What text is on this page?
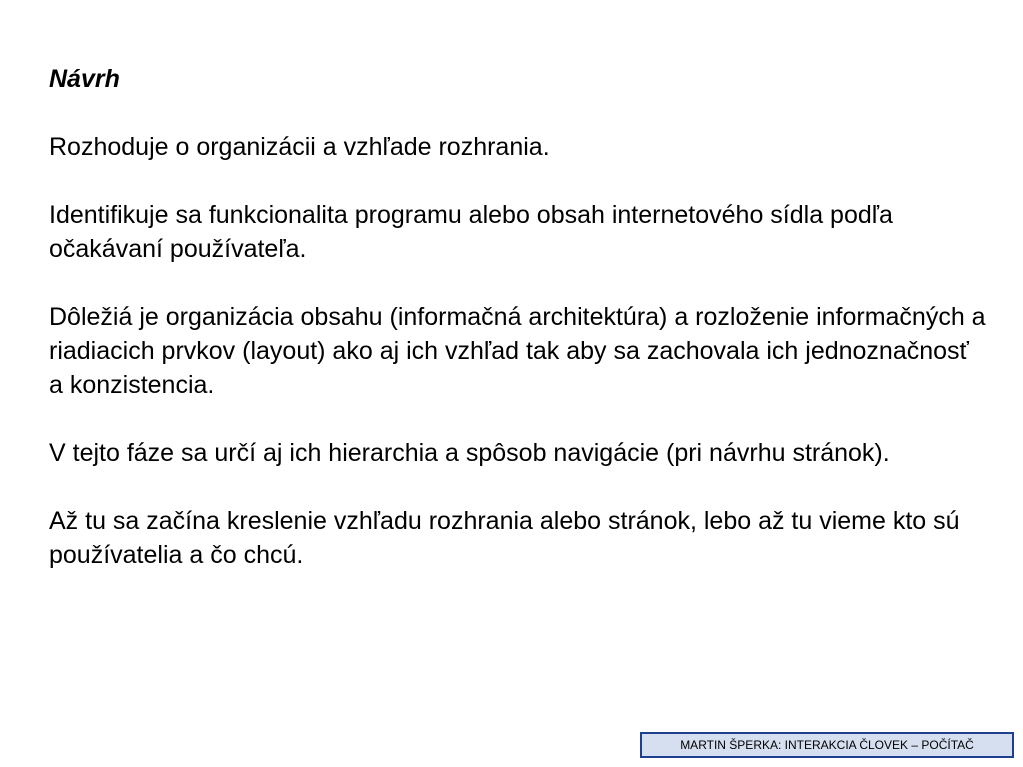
Návrh

Rozhoduje o organizácii a vzhľade rozhrania.

Identifikuje sa funkcionalita programu alebo obsah internetového sídla podľa očakávaní používateľa.

Dôležiá je organizácia obsahu (informačná architektúra) a rozloženie informačných a riadiacich prvkov (layout) ako aj ich vzhľad tak aby sa zachovala ich jednoznačnosť a konzistencia.

V tejto fáze sa určí aj ich hierarchia a spôsob navigácie (pri návrhu stránok).

Až tu sa začína kreslenie vzhľadu rozhrania alebo stránok, lebo až tu vieme kto sú používatelia a čo chcú.

MARTIN ŠPERKA: INTERAKCIA ČLOVEK – POČÍTAČ
